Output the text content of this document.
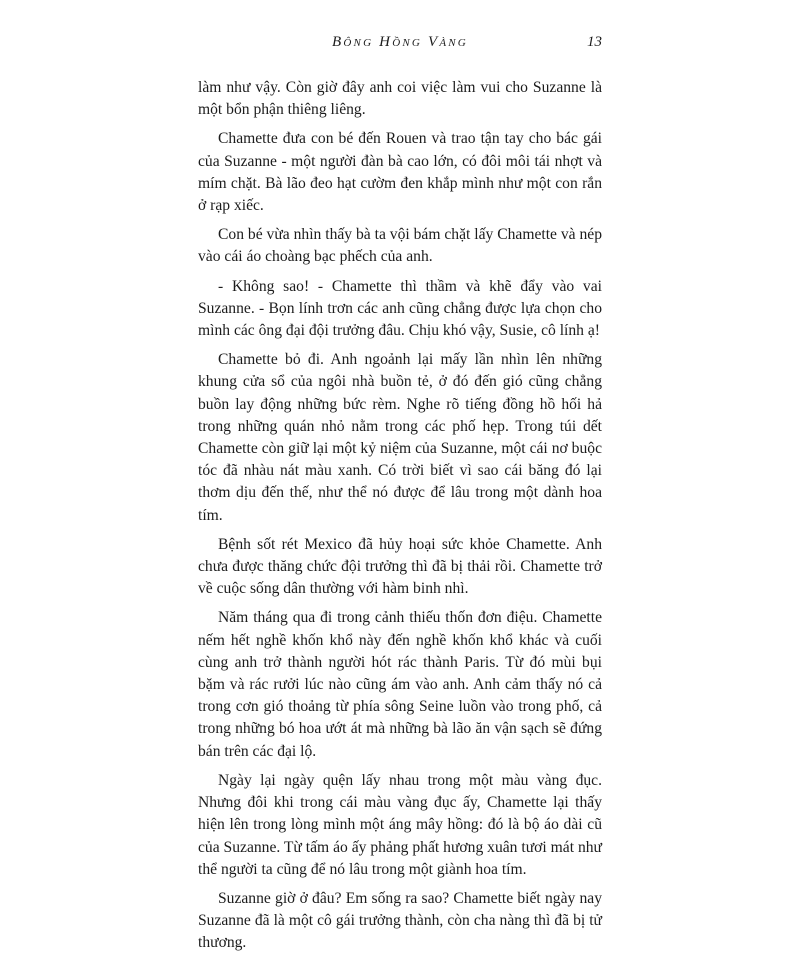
Bông Hồng Vàng	13

làm như vậy. Còn giờ đây anh coi việc làm vui cho Suzanne là một bổn phận thiêng liêng.

Chamette đưa con bé đến Rouen và trao tận tay cho bác gái của Suzanne - một người đàn bà cao lớn, có đôi môi tái nhợt và mím chặt. Bà lão đeo hạt cườm đen khắp mình như một con rắn ở rạp xiếc.

Con bé vừa nhìn thấy bà ta vội bám chặt lấy Chamette và nép vào cái áo choàng bạc phếch của anh.

- Không sao! - Chamette thì thầm và khẽ đẩy vào vai Suzanne. - Bọn lính trơn các anh cũng chẳng được lựa chọn cho mình các ông đại đội trưởng đâu. Chịu khó vậy, Susie, cô lính ạ!

Chamette bỏ đi. Anh ngoảnh lại mấy lần nhìn lên những khung cửa sổ của ngôi nhà buồn tẻ, ở đó đến gió cũng chẳng buồn lay động những bức rèm. Nghe rõ tiếng đồng hồ hối hả trong những quán nhỏ nằm trong các phố hẹp. Trong túi dết Chamette còn giữ lại một kỷ niệm của Suzanne, một cái nơ buộc tóc đã nhàu nát màu xanh. Có trời biết vì sao cái băng đó lại thơm dịu đến thế, như thể nó được để lâu trong một dành hoa tím.

Bệnh sốt rét Mexico đã hủy hoại sức khỏe Chamette. Anh chưa được thăng chức đội trưởng thì đã bị thải rồi. Chamette trở về cuộc sống dân thường với hàm binh nhì.

Năm tháng qua đi trong cảnh thiếu thốn đơn điệu. Chamette nếm hết nghề khốn khổ này đến nghề khốn khổ khác và cuối cùng anh trở thành người hót rác thành Paris. Từ đó mùi bụi bặm và rác rưởi lúc nào cũng ám vào anh. Anh cảm thấy nó cả trong cơn gió thoảng từ phía sông Seine luồn vào trong phố, cả trong những bó hoa ướt át mà những bà lão ăn vận sạch sẽ đứng bán trên các đại lộ.

Ngày lại ngày quện lấy nhau trong một màu vàng đục. Nhưng đôi khi trong cái màu vàng đục ấy, Chamette lại thấy hiện lên trong lòng mình một áng mây hồng: đó là bộ áo dài cũ của Suzanne. Từ tấm áo ấy phảng phất hương xuân tươi mát như thể người ta cũng để nó lâu trong một giành hoa tím.

Suzanne giờ ở đâu? Em sống ra sao? Chamette biết ngày nay Suzanne đã là một cô gái trưởng thành, còn cha nàng thì đã bị tử thương.
